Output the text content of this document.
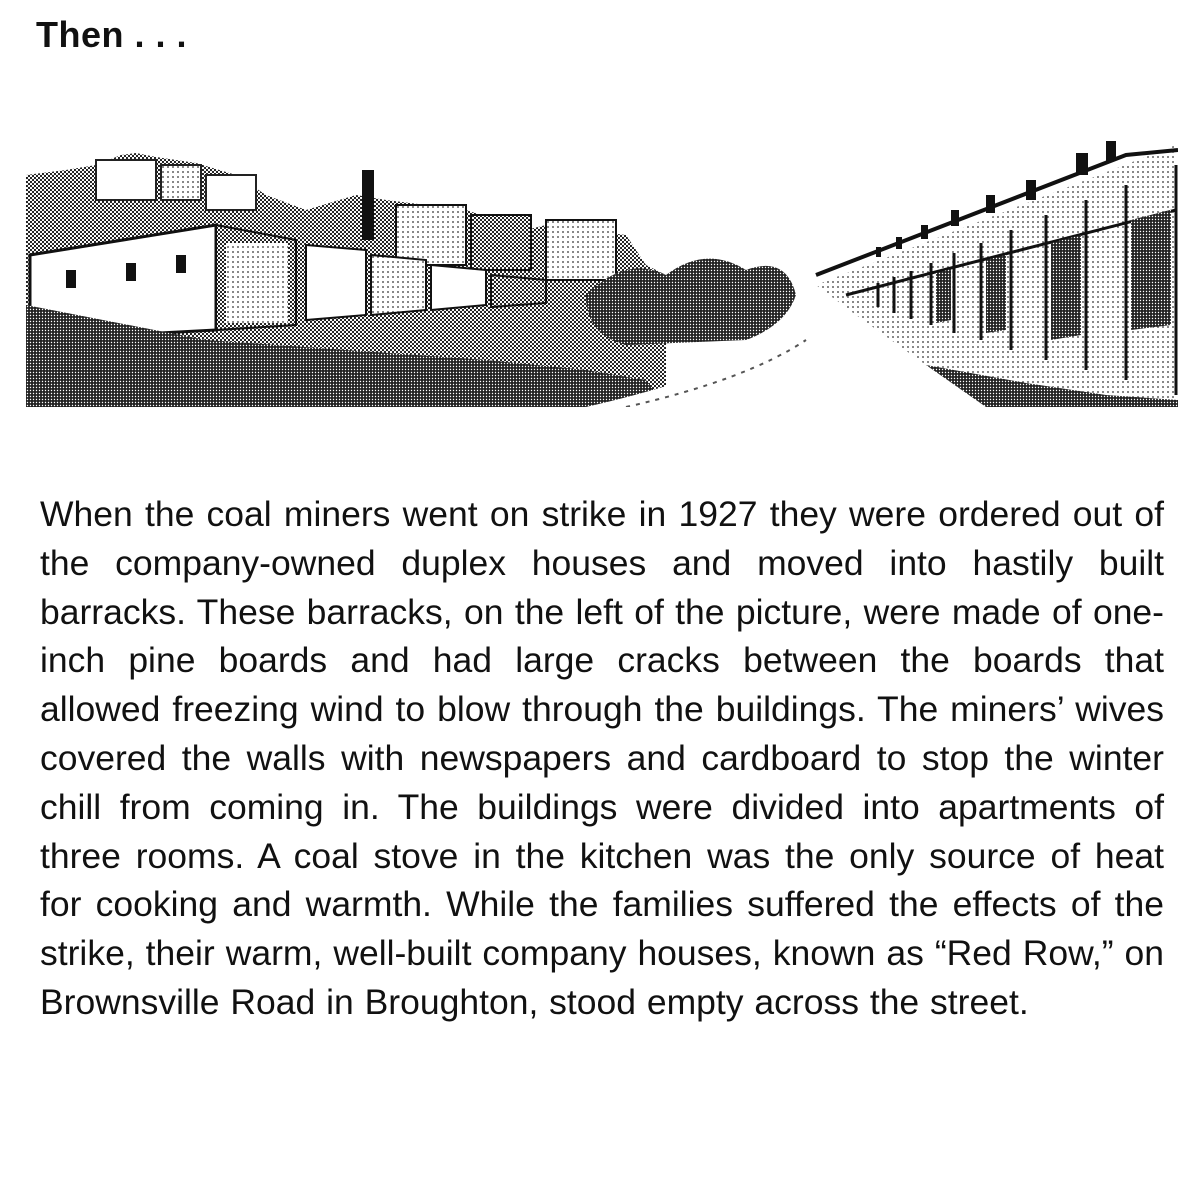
Then . . .

When the coal miners went on strike in 1927 they were ordered out of the company-owned duplex houses and moved into hastily built barracks. These barracks, on the left of the picture, were made of one-inch pine boards and had large cracks between the boards that allowed freezing wind to blow through the buildings. The miners’ wives covered the walls with newspapers and cardboard to stop the winter chill from coming in. The buildings were divided into apartments of three rooms. A coal stove in the kitchen was the only source of heat for cooking and warmth. While the families suffered the effects of the strike, their warm, well-built company houses, known as “Red Row,” on Brownsville Road in Broughton, stood empty across the street.
